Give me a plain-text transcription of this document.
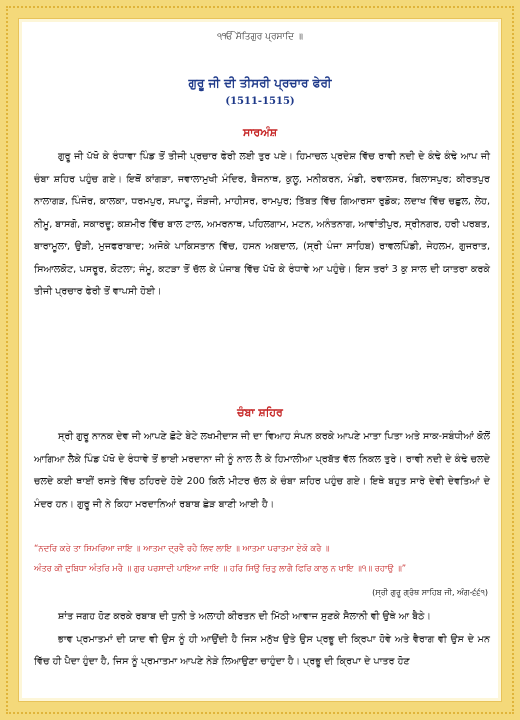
੧ੴ ਸੱਤਿਗੁਰ ਪ੍ਰਸਾਦਿ ॥
ਗੁਰੂ ਜੀ ਦੀ ਤੀਸਰੀ ਪ੍ਰਚਾਰ ਫੇਰੀ
(1511-1515)
ਸਾਰਅੰਸ਼

ਗੁਰੂ ਜੀ ਪੱਖੋ ਕੇ ਰੰਧਾਵਾ ਪਿੰਡ ਤੋਂ ਤੀਜੀ ਪ੍ਰਚਾਰ ਫੇਰੀ ਲਈ ਤੁਰ ਪਏ। ਹਿਮਾਚਲ ਪ੍ਰਦੇਸ਼ ਵਿੱਚ ਰਾਵੀ ਨਦੀ ਦੇ ਕੰਢੇ ਕੰਢੇ ਆਪ ਜੀ ਚੰਬਾ ਸ਼ਹਿਰ ਪਹੁੰਚ ਗਏ। ਇਥੋਂ ਕਾਂਗੜਾ, ਜਵਾਲਾਮੁਖੀ ਮੰਦਿਰ, ਬੈਜਨਾਥ, ਕੁਲੂ, ਮਨੀਕਰਨ, ਮੰਡੀ, ਰਵਾਲਸਰ, ਬਿਲਾਸਪੁਰ; ਕੀਰਤਪੁਰ ਨਾਲਾਗੜ, ਪਿੰਜੋਰ, ਕਾਲਕਾ, ਧਰਮਪੁਰ, ਸਪਾਟੂ, ਜੌੜਜੀ, ਮਾਹੀਸਰ, ਰਾਮਪੁਰ; ਤਿੱਬਤ ਵਿੱਚ ਗਿਆਰਸਾ ਰੁਡੋਕ; ਲਦਾਖ ਵਿੱਚ ਚਛੁਲ, ਲੇਹ, ਨੀਮੂ, ਬਾਸਗੋ, ਸਕਾਰਦੂ; ਕਸ਼ਮੀਰ ਵਿੱਚ ਬਾਲ ਟਾਲ, ਅਮਰਨਾਥ, ਪਹਿਲਗਾਮ, ਮਟਨ, ਅਨੰਤਨਾਗ, ਆਵਾਂਤੀਪੁਰ, ਸ੍ਰੀਨਗਰ, ਹਰੀ ਪਰਬਤ, ਬਾਰਾਮੂਲਾ, ਉੜੀ, ਮੁਜਫਰਾਬਾਦ; ਅਜੋਕੇ ਪਾਕਿਸਤਾਨ ਵਿੱਚ, ਹਸਨ ਅਬਦਾਲ, (ਸ੍ਰੀ ਪੰਜਾ ਸਾਹਿਬ) ਰਾਵਲਪਿੰਡੀ, ਜੇਹਲਮ, ਗੁਜਰਾਤ, ਸਿਆਲਕੋਟ, ਪਸਰੂਰ, ਕੋਟਲਾ; ਜੰਮੂ, ਕਟੜਾ ਤੋਂ ਚੱਲ ਕੇ ਪੰਜਾਬ ਵਿੱਚ ਪੱਖੋ ਕੇ ਰੰਧਾਵੇ ਆ ਪਹੁੰਚੇ। ਇਸ ਤਰਾਂ 3 ਕੁ ਸਾਲ ਦੀ ਯਾਤਰਾ ਕਰਕੇ ਤੀਜੀ ਪ੍ਰਚਾਰ ਫੇਰੀ ਤੋਂ ਵਾਪਸੀ ਹੋਈ।

ਚੰਬਾ ਸ਼ਹਿਰ

ਸ੍ਰੀ ਗੁਰੂ ਨਾਨਕ ਦੇਵ ਜੀ ਆਪਣੇ ਛੋਟੇ ਬੇਟੇ ਲਖਮੀਦਾਸ ਜੀ ਦਾ ਵਿਆਹ ਸੰਪਨ ਕਰਕੇ ਆਪਣੇ ਮਾਤਾ ਪਿਤਾ ਅਤੇ ਸਾਕ-ਸਬੰਧੀਆਂ ਕੋਲੋਂ ਆਗਿਆ ਲੈਕੇ ਪਿੰਡ ਪੱਖੋ ਦੇ ਰੰਧਾਵੇ ਤੋਂ ਭਾਈ ਮਰਦਾਨਾ ਜੀ ਨੂੰ ਨਾਲ ਲੈ ਕੇ ਹਿਮਾਲੀਆ ਪ੍ਰਬੱਤ ਵੱਲ ਨਿਕਲ ਤੁਰੇ। ਰਾਵੀ ਨਦੀ ਦੇ ਕੰਢੇ ਚਲਦੇ ਚਲਦੇ ਕਈ ਥਾਈਂ ਰਸਤੇ ਵਿੱਚ ਠਹਿਰਦੇ ਹੋਏ 200 ਕਿਲੋ ਮੀਟਰ ਚੱਲ ਕੇ ਚੰਬਾ ਸ਼ਹਿਰ ਪਹੁੰਚ ਗਏ। ਇਥੇ ਬਹੁਤ ਸਾਰੇ ਦੇਵੀ ਦੇਵਤਿਆਂ ਦੇ ਮੰਦਰ ਹਨ। ਗੁਰੂ ਜੀ ਨੇ ਕਿਹਾ ਮਰਦਾਨਿਆਂ ਰਬਾਬ ਛੇੜ ਬਾਣੀ ਆਈ ਹੈ।

“ਨਦਰਿ ਕਰੇ ਤਾ ਸਿਮਰਿਆ ਜਾਇ ॥ ਆਤਮਾ ਦ੍ਰਵੈ ਰਹੈ ਲਿਵ ਲਾਇ ॥ ਆਤਮਾ ਪਰਾਤਮਾ ਏਕੋ ਕਰੈ ॥
ਅੰਤਰ ਕੀ ਦੁਬਿਧਾ ਅੰਤਰਿ ਮਰੈ ॥ ਗੁਰ ਪਰਸਾਦੀ ਪਾਇਆ ਜਾਇ ॥ ਹਰਿ ਸਿਉ ਚਿਤੁ ਲਾਗੈ ਫਿਰਿ ਕਾਲੁ ਨ ਖਾਇ ॥੧॥ ਰਹਾਉ ॥”
(ਸ੍ਰੀ ਗੁਰੂ ਗ੍ਰੰਥ ਸਾਹਿਬ ਜੀ, ਅੰਗ-੬੬੧)

ਸ਼ਾਂਤ ਜਗਹ ਹੋਣ ਕਰਕੇ ਰਬਾਬ ਦੀ ਧੁਨੀ ਤੇ ਅਲਾਹੀ ਕੀਰਤਨ ਦੀ ਮਿੱਠੀ ਆਵਾਜ ਸੁਣਕੇ ਸੈਲਾਨੀ ਵੀ ਉਥੇ ਆ ਬੈਠੇ।

ਭਾਵ ਪ੍ਰਮਾਤਮਾਂ ਦੀ ਯਾਦ ਵੀ ਉਸ ਨੂੰ ਹੀ ਆਉਂਦੀ ਹੈ ਜਿਸ ਮਨੁੱਖ ਉਤੇ ਉਸ ਪ੍ਰਭੂ ਦੀ ਕ੍ਰਿਪਾ ਹੋਵੇ ਅਤੇ ਵੈਰਾਗ ਵੀ ਉਸ ਦੇ ਮਨ ਵਿੱਚ ਹੀ ਪੈਦਾ ਹੁੰਦਾ ਹੈ, ਜਿਸ ਨੂੰ ਪ੍ਰਮਾਤਮਾ ਆਪਣੇ ਨੇੜੇ ਲਿਆਉਣਾ ਚਾਹੁੰਦਾ ਹੈ। ਪ੍ਰਭੂ ਦੀ ਕ੍ਰਿਪਾ ਦੇ ਪਾਤਰ ਹੋਣ
